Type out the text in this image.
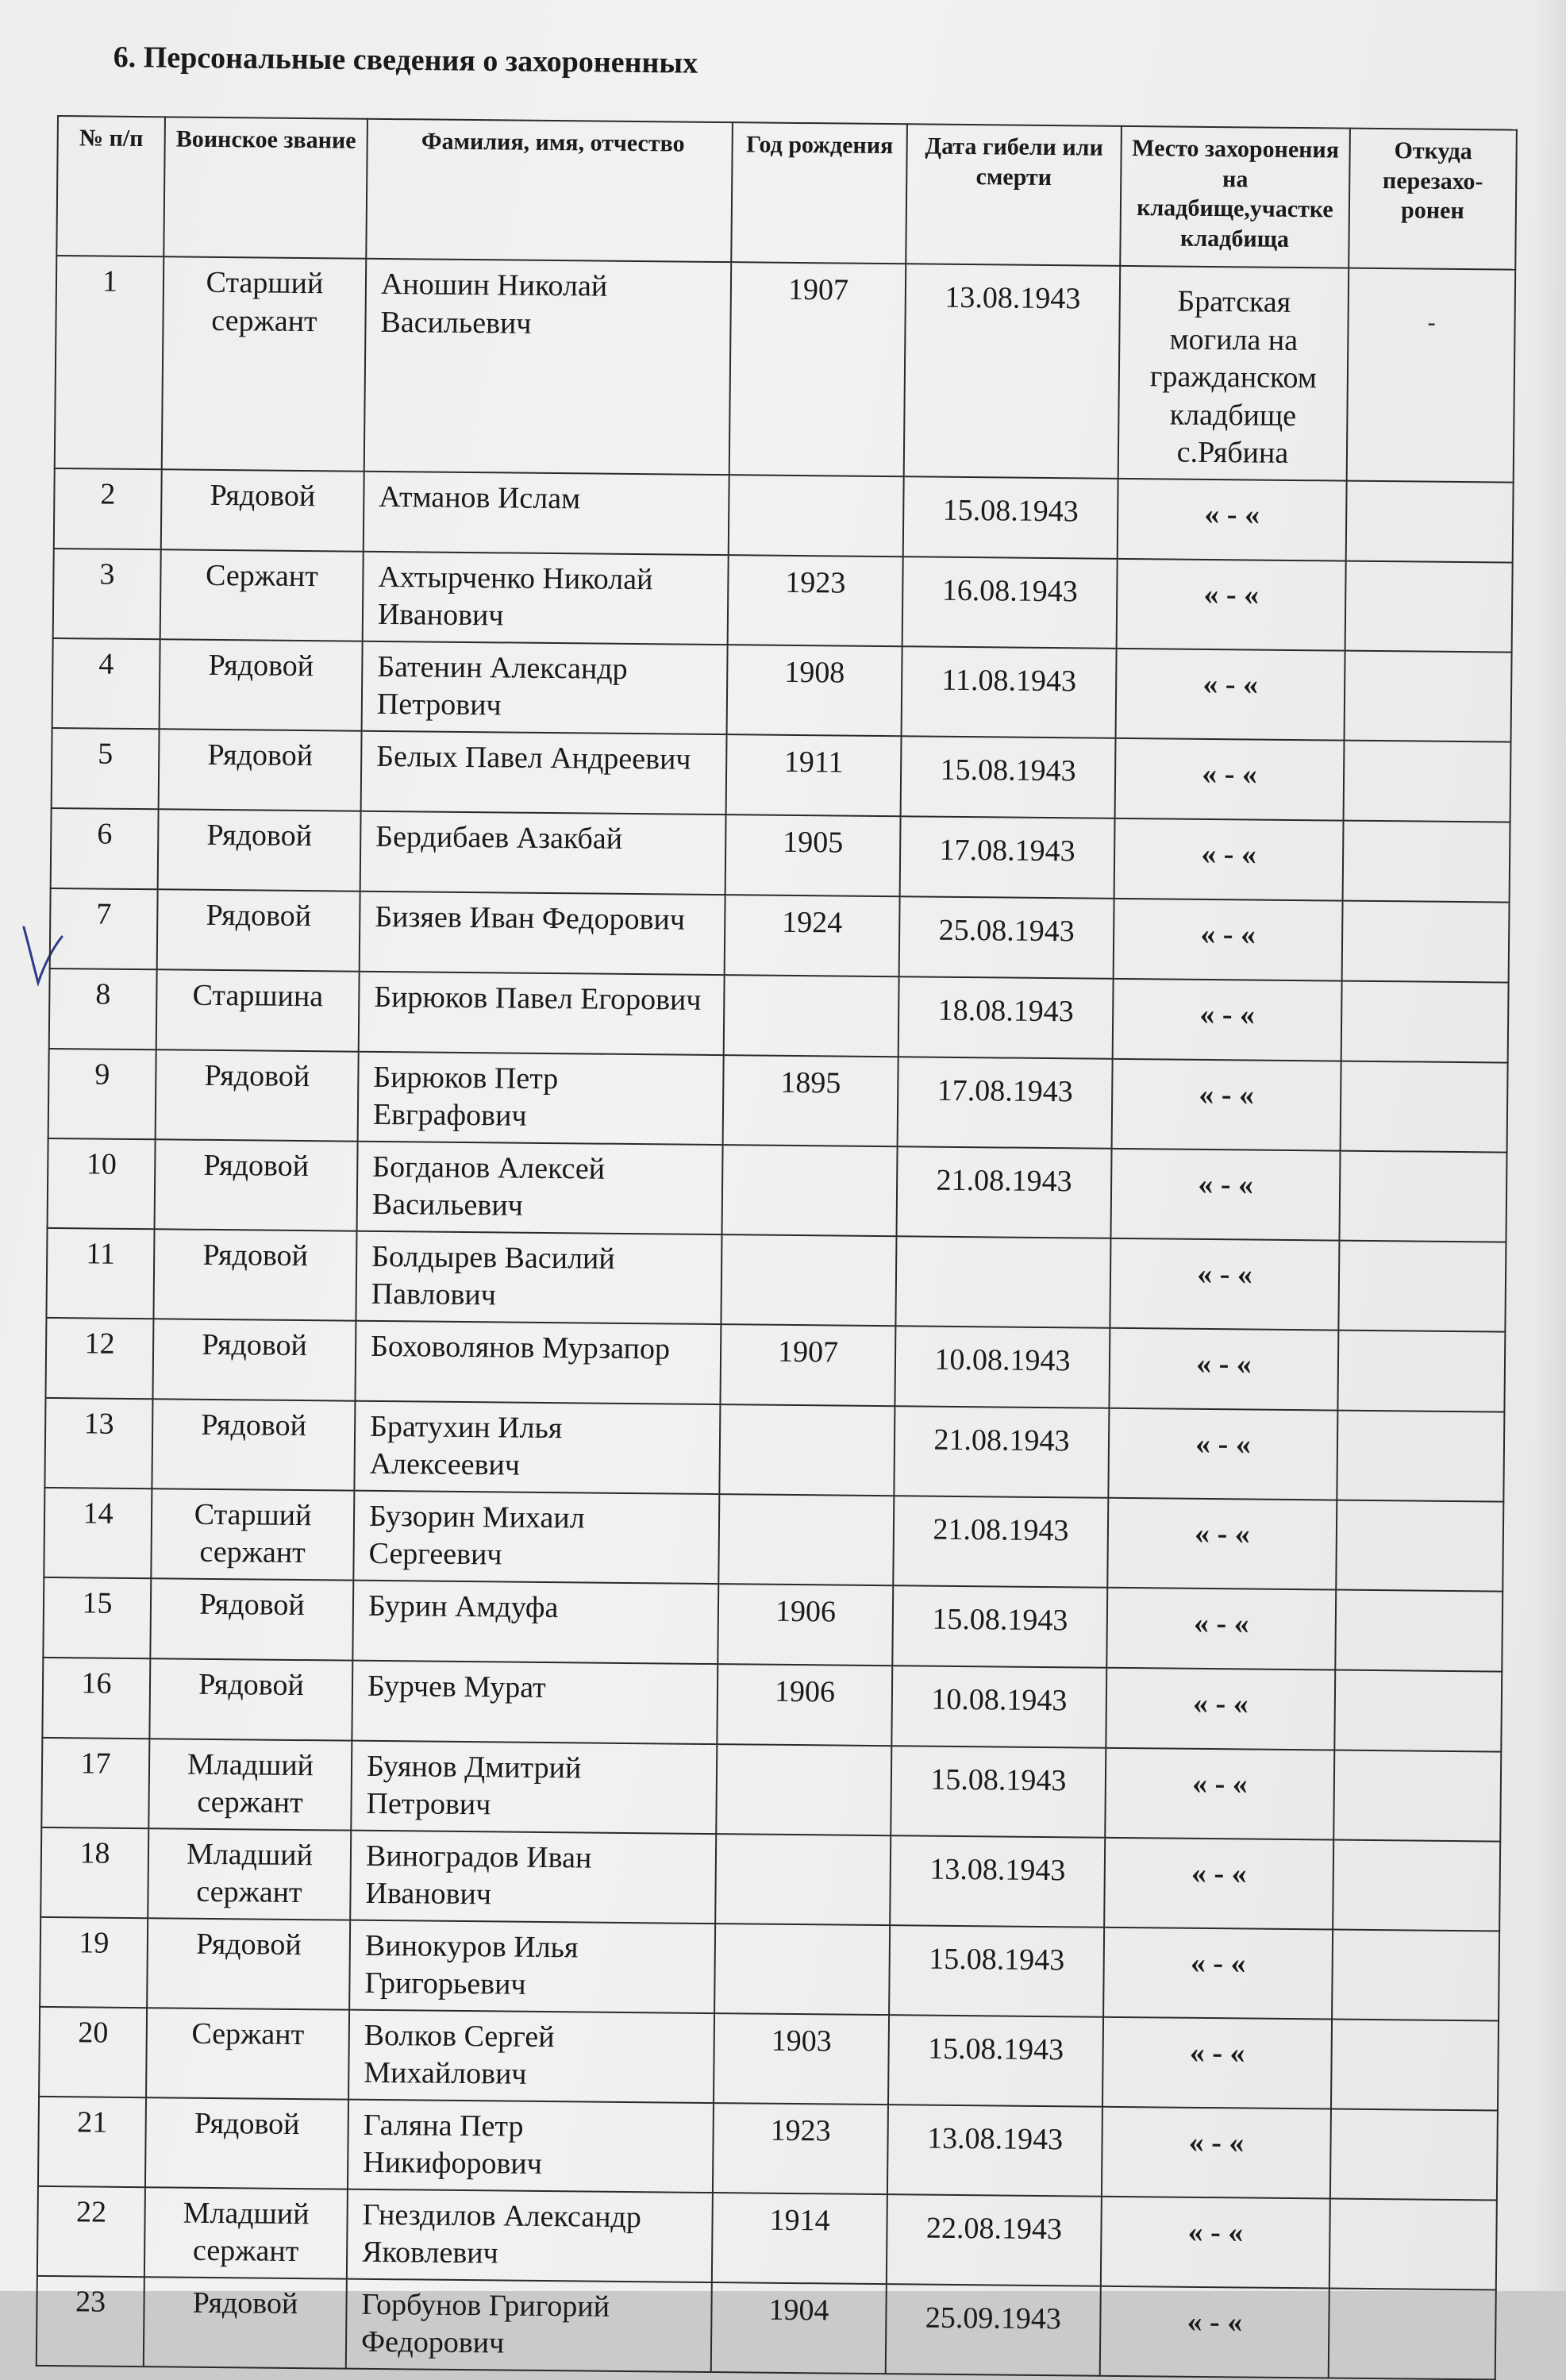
6. Персональные сведения о захороненных
№ п/п	Воинское звание	Фамилия, имя, отчество	Год рождения	Дата гибели или смерти	Место захоронения на кладбище,участке кладбища	Откуда перезахо-ронен
1	Старший сержант	Аношин Николай Васильевич	1907	13.08.1943	Братская могила на гражданском кладбище с.Рябина	-
2	Рядовой	Атманов Ислам		15.08.1943	« - «	
3	Сержант	Ахтырченко Николай Иванович	1923	16.08.1943	« - «	
4	Рядовой	Батенин Александр Петрович	1908	11.08.1943	« - «	
5	Рядовой	Белых Павел Андреевич	1911	15.08.1943	« - «	
6	Рядовой	Бердибаев Азакбай	1905	17.08.1943	« - «	
7	Рядовой	Бизяев Иван Федорович	1924	25.08.1943	« - «	
8	Старшина	Бирюков Павел Егорович		18.08.1943	« - «	
9	Рядовой	Бирюков Петр Евграфович	1895	17.08.1943	« - «	
10	Рядовой	Богданов Алексей Васильевич		21.08.1943	« - «	
11	Рядовой	Болдырев Василий Павлович			« - «	
12	Рядовой	Боховолянов Мурзапор	1907	10.08.1943	« - «	
13	Рядовой	Братухин Илья Алексеевич		21.08.1943	« - «	
14	Старший сержант	Бузорин Михаил Сергеевич		21.08.1943	« - «	
15	Рядовой	Бурин Амдуфа	1906	15.08.1943	« - «	
16	Рядовой	Бурчев Мурат	1906	10.08.1943	« - «	
17	Младший сержант	Буянов Дмитрий Петрович		15.08.1943	« - «	
18	Младший сержант	Виноградов Иван Иванович		13.08.1943	« - «	
19	Рядовой	Винокуров Илья Григорьевич		15.08.1943	« - «	
20	Сержант	Волков Сергей Михайлович	1903	15.08.1943	« - «	
21	Рядовой	Галяна Петр Никифорович	1923	13.08.1943	« - «	
22	Младший сержант	Гнездилов Александр Яковлевич	1914	22.08.1943	« - «	
23	Рядовой	Горбунов Григорий Федорович	1904	25.09.1943	« - «	
